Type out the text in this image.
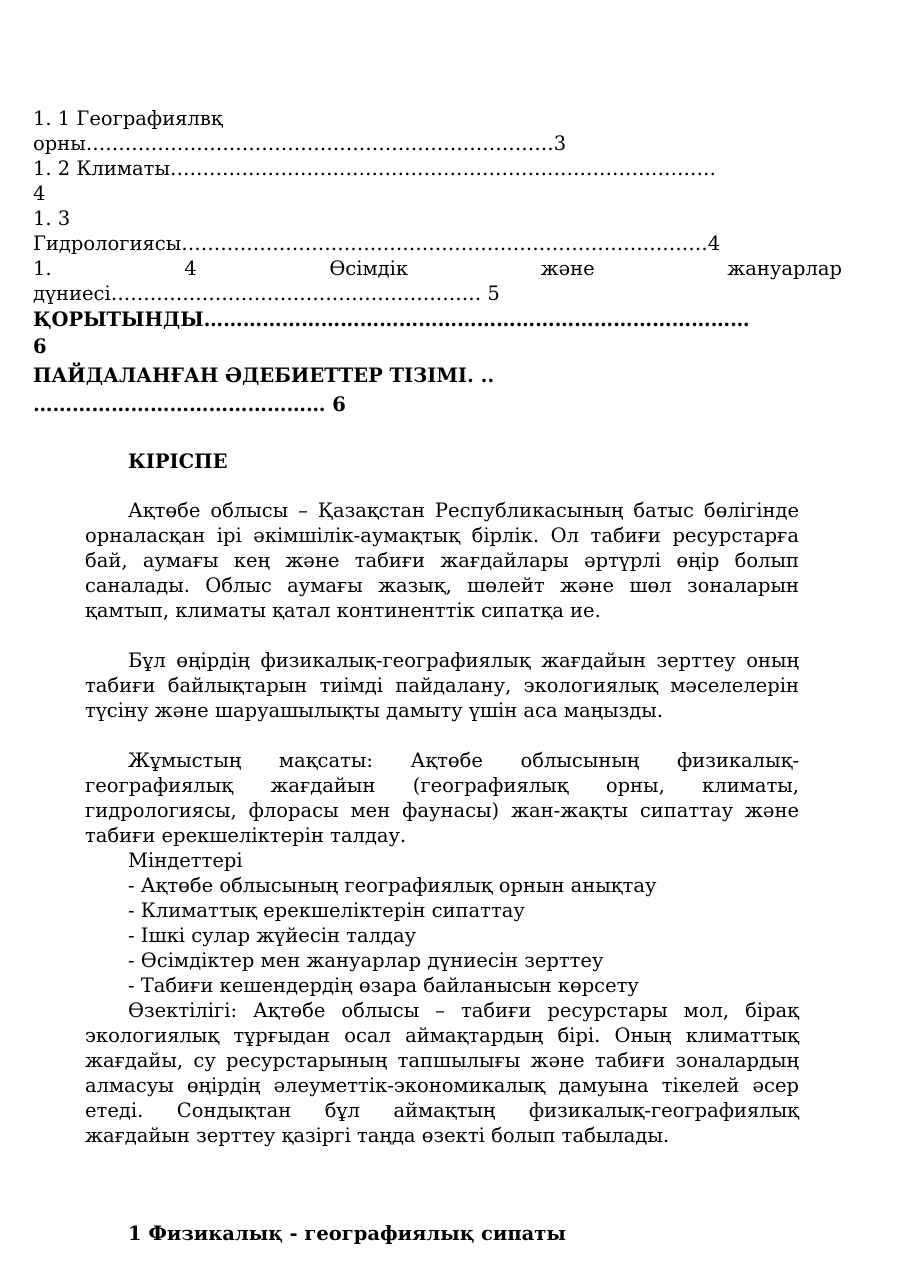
1. 1 Географиялвқ
орны………………………………………………………………3
1. 2 Климаты…………………………………………………………………………
4
1. 3
Гидрологиясы………………………………………………………………………4
1.	4	Өсімдік	және	жануарлар
дүниесі………………………………………………… 5
ҚОРЫТЫНДЫ…………………………………………………………………………
6
ПАЙДАЛАНҒАН ӘДЕБИЕТТЕР ТІЗІМІ. ..
……………………………………… 6
КІРІСПЕ

Ақтөбе облысы – Қазақстан Республикасының батыс бөлігінде орналасқан ірі әкімшілік-аумақтық бірлік. Ол табиғи ресурстарға бай, аумағы кең және табиғи жағдайлары әртүрлі өңір болып саналады. Облыс аумағы жазық, шөлейт және шөл зоналарын қамтып, климаты қатал континенттік сипатқа ие.

Бұл өңірдің физикалық-географиялық жағдайын зерттеу оның табиғи байлықтарын тиімді пайдалану, экологиялық мәселелерін түсіну және шаруашылықты дамыту үшін аса маңызды.

Жұмыстың мақсаты: Ақтөбе облысының физикалық-географиялық жағдайын (географиялық орны, климаты, гидрологиясы, флорасы мен фаунасы) жан-жақты сипаттау және табиғи ерекшеліктерін талдау.

Міндеттері
- Ақтөбе облысының географиялық орнын анықтау
- Климаттық ерекшеліктерін сипаттау
- Ішкі сулар жүйесін талдау
- Өсімдіктер мен жануарлар дүниесін зерттеу
- Табиғи кешендердің өзара байланысын көрсету

Өзектілігі: Ақтөбе облысы – табиғи ресурстары мол, бірақ экологиялық тұрғыдан осал аймақтардың бірі. Оның климаттық жағдайы, су ресурстарының тапшылығы және табиғи зоналардың алмасуы өңірдің әлеуметтік-экономикалық дамуына тікелей әсер етеді. Сондықтан бұл аймақтың физикалық-географиялық жағдайын зерттеу қазіргі таңда өзекті болып табылады.

1 Физикалық - географиялық сипаты
